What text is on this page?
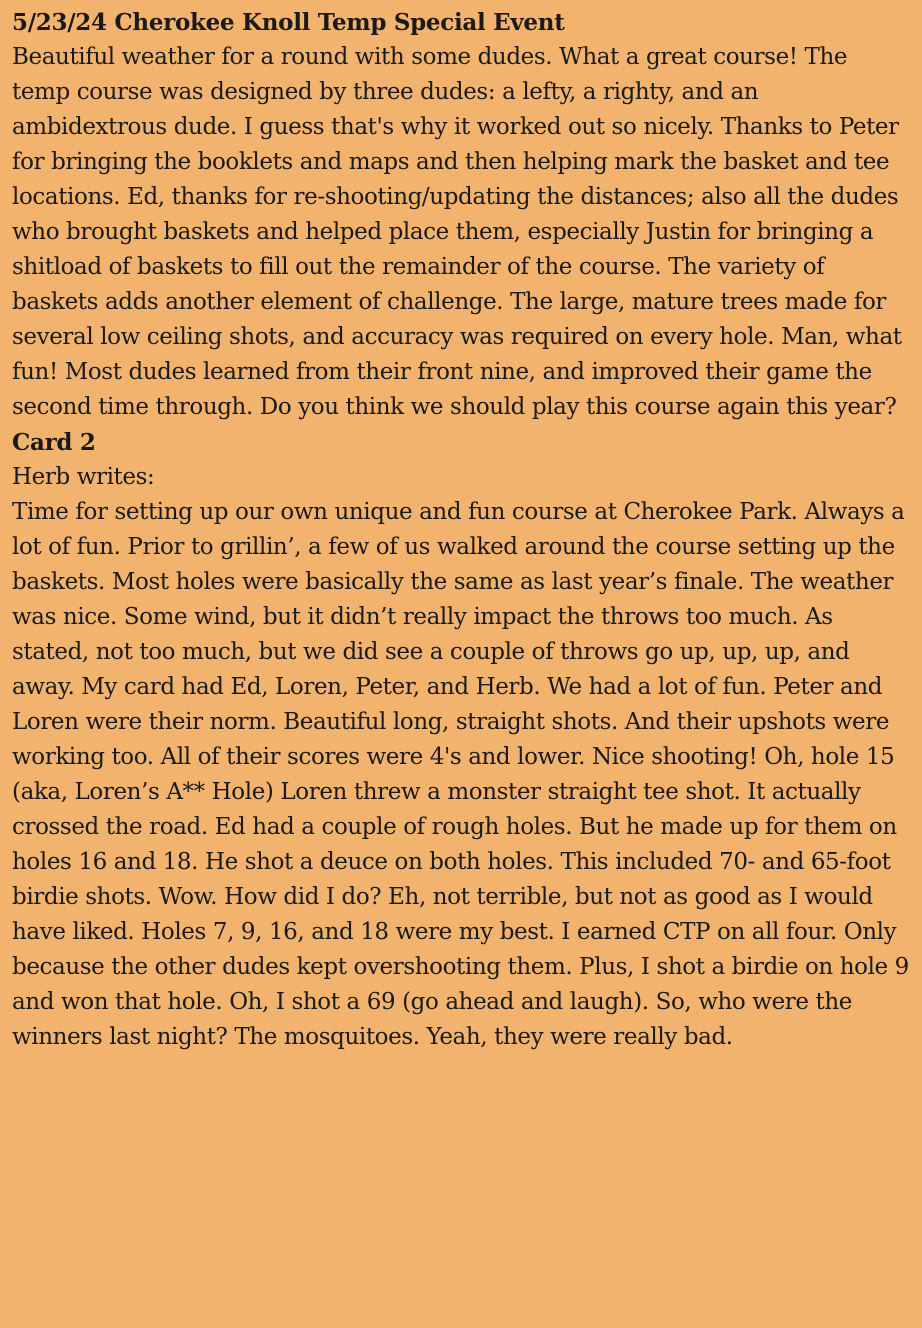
5/23/24 Cherokee Knoll Temp Special Event
Beautiful weather for a round with some dudes. What a great course! The temp course was designed by three dudes: a lefty, a righty, and an ambidextrous dude. I guess that's why it worked out so nicely. Thanks to Peter for bringing the booklets and maps and then helping mark the basket and tee locations. Ed, thanks for re-shooting/updating the distances; also all the dudes who brought baskets and helped place them, especially Justin for bringing a shitload of baskets to fill out the remainder of the course. The variety of baskets adds another element of challenge. The large, mature trees made for several low ceiling shots, and accuracy was required on every hole. Man, what fun! Most dudes learned from their front nine, and improved their game the second time through. Do you think we should play this course again this year?
Card 2
Herb writes:
Time for setting up our own unique and fun course at Cherokee Park. Always a lot of fun. Prior to grillin’, a few of us walked around the course setting up the baskets. Most holes were basically the same as last year’s finale. The weather was nice. Some wind, but it didn’t really impact the throws too much. As stated, not too much, but we did see a couple of throws go up, up, up, and away. My card had Ed, Loren, Peter, and Herb. We had a lot of fun. Peter and Loren were their norm. Beautiful long, straight shots. And their upshots were working too. All of their scores were 4's and lower. Nice shooting! Oh, hole 15 (aka, Loren’s A** Hole) Loren threw a monster straight tee shot. It actually crossed the road. Ed had a couple of rough holes. But he made up for them on holes 16 and 18. He shot a deuce on both holes. This included 70- and 65-foot birdie shots. Wow. How did I do? Eh, not terrible, but not as good as I would have liked. Holes 7, 9, 16, and 18 were my best. I earned CTP on all four. Only because the other dudes kept overshooting them. Plus, I shot a birdie on hole 9 and won that hole. Oh, I shot a 69 (go ahead and laugh). So, who were the winners last night? The mosquitoes. Yeah, they were really bad.
